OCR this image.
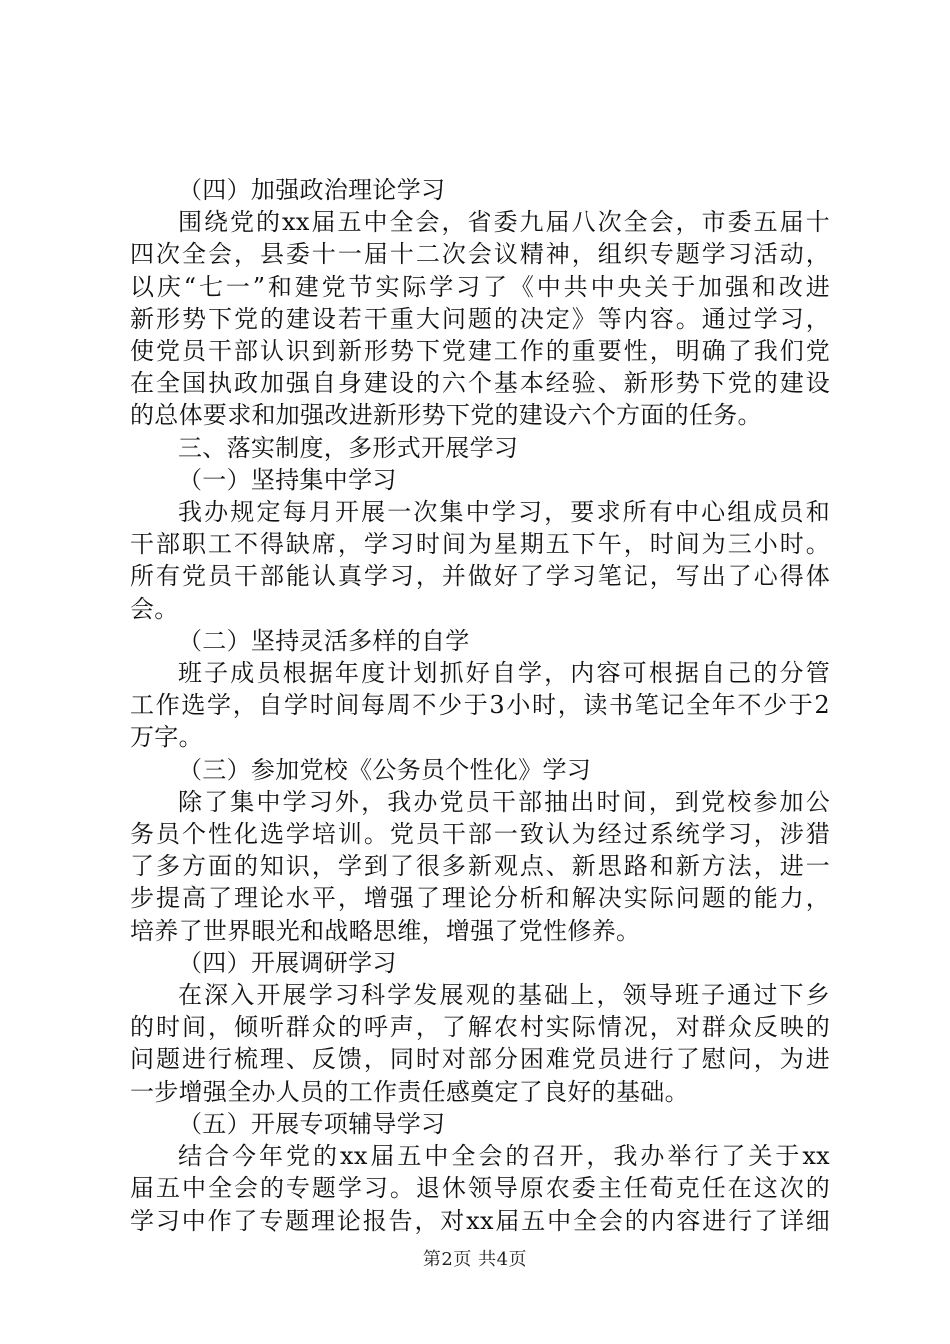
（四）加强政治理论学习
围绕党的xx届五中全会，省委九届八次全会，市委五届十
四次全会，县委十一届十二次会议精神，组织专题学习活动，
以庆“七一”和建党节实际学习了《中共中央关于加强和改进
新形势下党的建设若干重大问题的决定》等内容。通过学习，
使党员干部认识到新形势下党建工作的重要性，明确了我们党
在全国执政加强自身建设的六个基本经验、新形势下党的建设
的总体要求和加强改进新形势下党的建设六个方面的任务。
三、落实制度，多形式开展学习
（一）坚持集中学习
我办规定每月开展一次集中学习，要求所有中心组成员和
干部职工不得缺席，学习时间为星期五下午，时间为三小时。
所有党员干部能认真学习，并做好了学习笔记，写出了心得体
会。
（二）坚持灵活多样的自学
班子成员根据年度计划抓好自学，内容可根据自己的分管
工作选学，自学时间每周不少于3小时，读书笔记全年不少于2
万字。
（三）参加党校《公务员个性化》学习
除了集中学习外，我办党员干部抽出时间，到党校参加公
务员个性化选学培训。党员干部一致认为经过系统学习，涉猎
了多方面的知识，学到了很多新观点、新思路和新方法，进一
步提高了理论水平，增强了理论分析和解决实际问题的能力，
培养了世界眼光和战略思维，增强了党性修养。
（四）开展调研学习
在深入开展学习科学发展观的基础上，领导班子通过下乡
的时间，倾听群众的呼声，了解农村实际情况，对群众反映的
问题进行梳理、反馈，同时对部分困难党员进行了慰问，为进
一步增强全办人员的工作责任感奠定了良好的基础。
（五）开展专项辅导学习
结合今年党的xx届五中全会的召开，我办举行了关于xx
届五中全会的专题学习。退休领导原农委主任荀克任在这次的
学习中作了专题理论报告，对xx届五中全会的内容进行了详细
第2页 共4页
